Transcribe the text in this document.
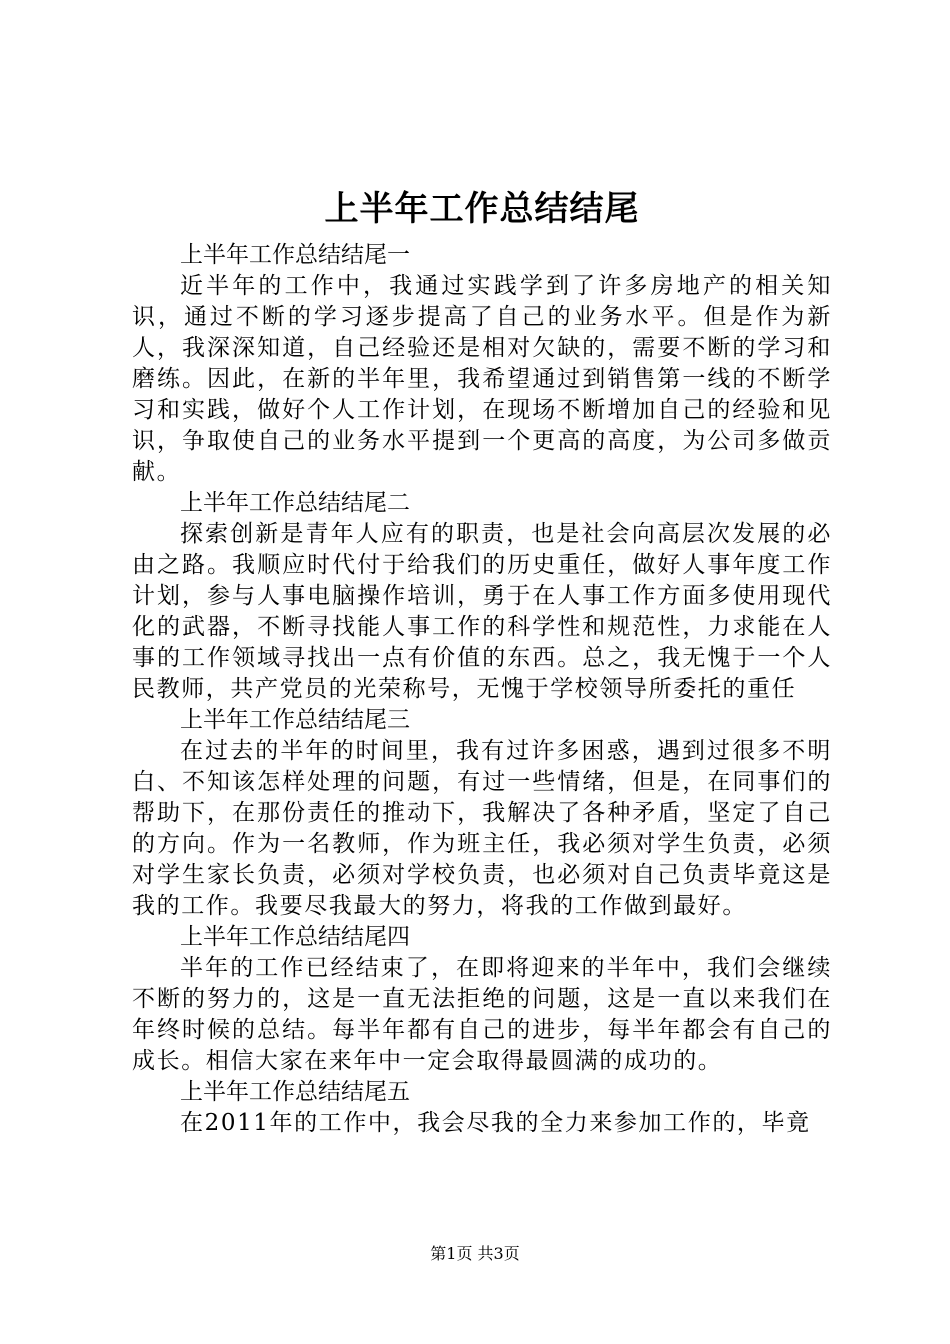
上半年工作总结结尾

上半年工作总结结尾一

近半年的工作中，我通过实践学到了许多房地产的相关知识，通过不断的学习逐步提高了自己的业务水平。但是作为新人，我深深知道，自己经验还是相对欠缺的，需要不断的学习和磨练。因此，在新的半年里，我希望通过到销售第一线的不断学习和实践，做好个人工作计划，在现场不断增加自己的经验和见识，争取使自己的业务水平提到一个更高的高度，为公司多做贡献。

上半年工作总结结尾二

探索创新是青年人应有的职责，也是社会向高层次发展的必由之路。我顺应时代付于给我们的历史重任，做好人事年度工作计划，参与人事电脑操作培训，勇于在人事工作方面多使用现代化的武器，不断寻找能人事工作的科学性和规范性，力求能在人事的工作领域寻找出一点有价值的东西。总之，我无愧于一个人民教师，共产党员的光荣称号，无愧于学校领导所委托的重任

上半年工作总结结尾三

在过去的半年的时间里，我有过许多困惑，遇到过很多不明白、不知该怎样处理的问题，有过一些情绪，但是，在同事们的帮助下，在那份责任的推动下，我解决了各种矛盾，坚定了自己的方向。作为一名教师，作为班主任，我必须对学生负责，必须对学生家长负责，必须对学校负责，也必须对自己负责毕竟这是我的工作。我要尽我最大的努力，将我的工作做到最好。

上半年工作总结结尾四

半年的工作已经结束了，在即将迎来的半年中，我们会继续不断的努力的，这是一直无法拒绝的问题，这是一直以来我们在年终时候的总结。每半年都有自己的进步，每半年都会有自己的成长。相信大家在来年中一定会取得最圆满的成功的。

上半年工作总结结尾五

在2011年的工作中，我会尽我的全力来参加工作的，毕竟

第1页 共3页
